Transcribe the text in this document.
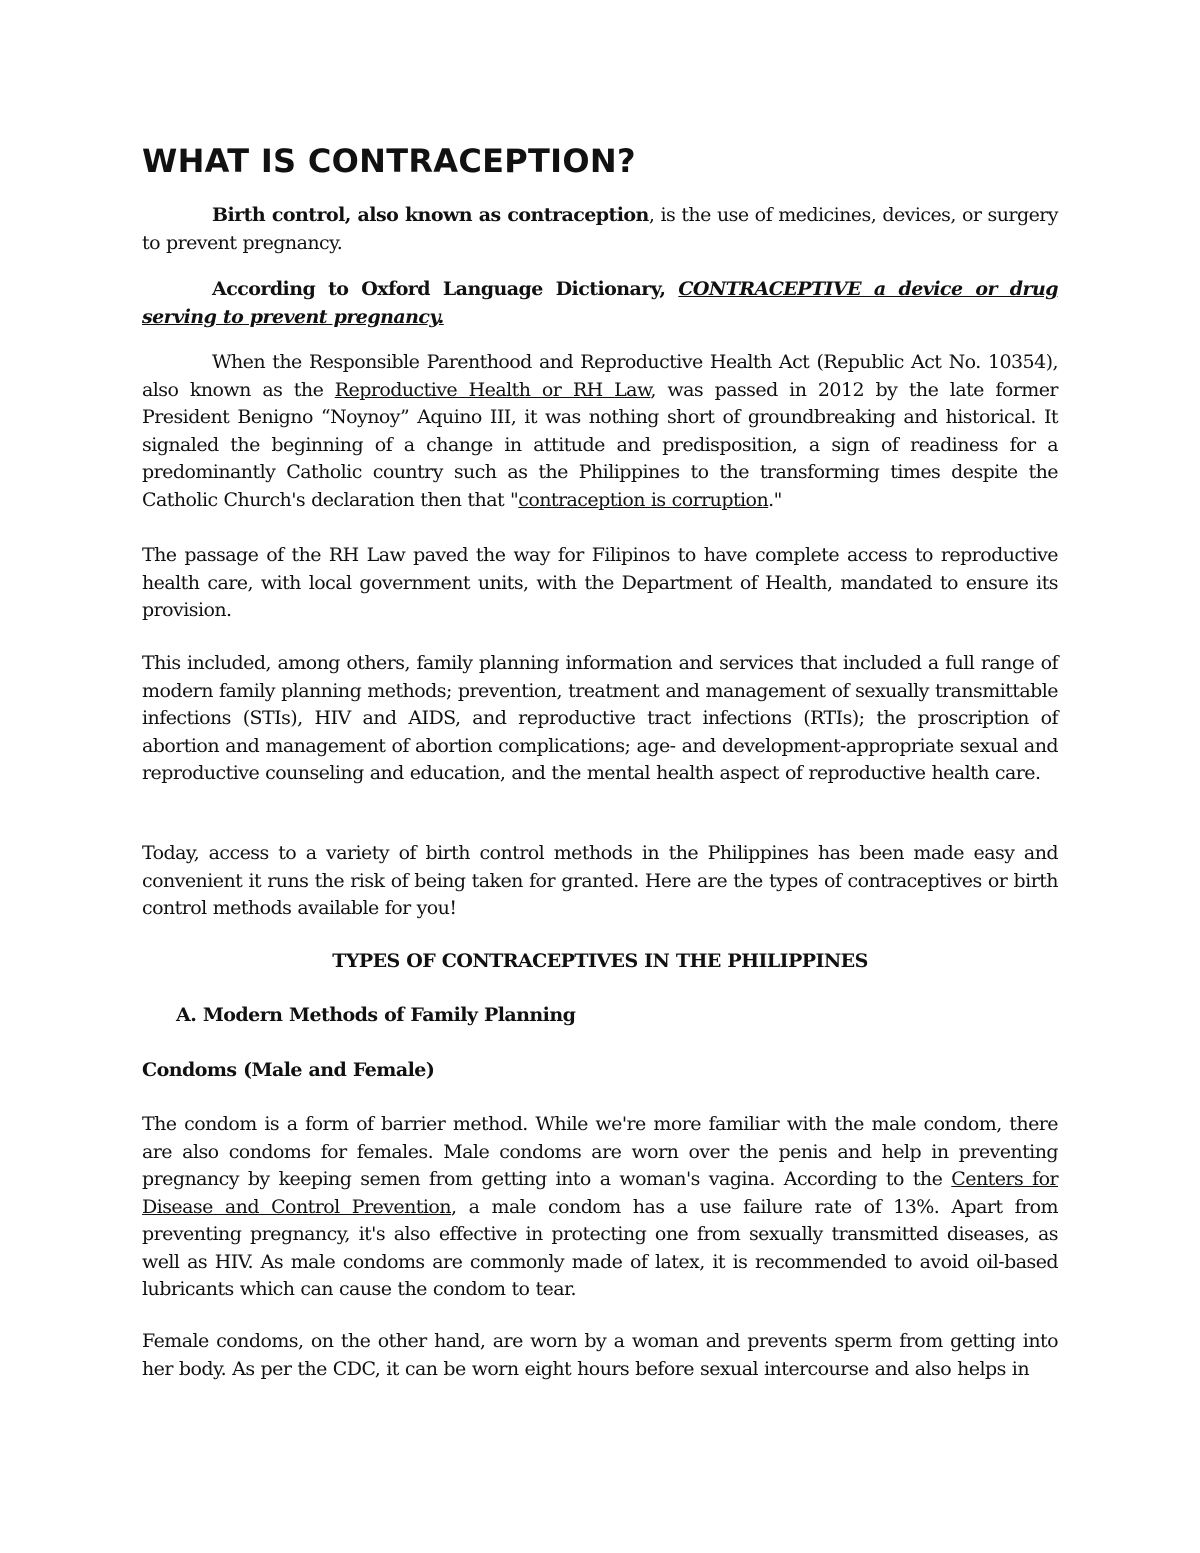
WHAT IS CONTRACEPTION?

Birth control, also known as contraception, is the use of medicines, devices, or surgery to prevent pregnancy.

According to Oxford Language Dictionary, CONTRACEPTIVE a device or drug serving to prevent pregnancy.

When the Responsible Parenthood and Reproductive Health Act (Republic Act No. 10354), also known as the Reproductive Health or RH Law, was passed in 2012 by the late former President Benigno “Noynoy” Aquino III, it was nothing short of groundbreaking and historical. It signaled the beginning of a change in attitude and predisposition, a sign of readiness for a predominantly Catholic country such as the Philippines to the transforming times despite the Catholic Church's declaration then that "contraception is corruption."

The passage of the RH Law paved the way for Filipinos to have complete access to reproductive health care, with local government units, with the Department of Health, mandated to ensure its provision.

This included, among others, family planning information and services that included a full range of modern family planning methods; prevention, treatment and management of sexually transmittable infections (STIs), HIV and AIDS, and reproductive tract infections (RTIs); the proscription of abortion and management of abortion complications; age- and development-appropriate sexual and reproductive counseling and education, and the mental health aspect of reproductive health care.

Today, access to a variety of birth control methods in the Philippines has been made easy and convenient it runs the risk of being taken for granted. Here are the types of contraceptives or birth control methods available for you!

TYPES OF CONTRACEPTIVES IN THE PHILIPPINES

A. Modern Methods of Family Planning

Condoms (Male and Female)

The condom is a form of barrier method. While we're more familiar with the male condom, there are also condoms for females. Male condoms are worn over the penis and help in preventing pregnancy by keeping semen from getting into a woman's vagina. According to the Centers for Disease and Control Prevention, a male condom has a use failure rate of 13%. Apart from preventing pregnancy, it's also effective in protecting one from sexually transmitted diseases, as well as HIV. As male condoms are commonly made of latex, it is recommended to avoid oil-based lubricants which can cause the condom to tear.

Female condoms, on the other hand, are worn by a woman and prevents sperm from getting into her body. As per the CDC, it can be worn eight hours before sexual intercourse and also helps in
